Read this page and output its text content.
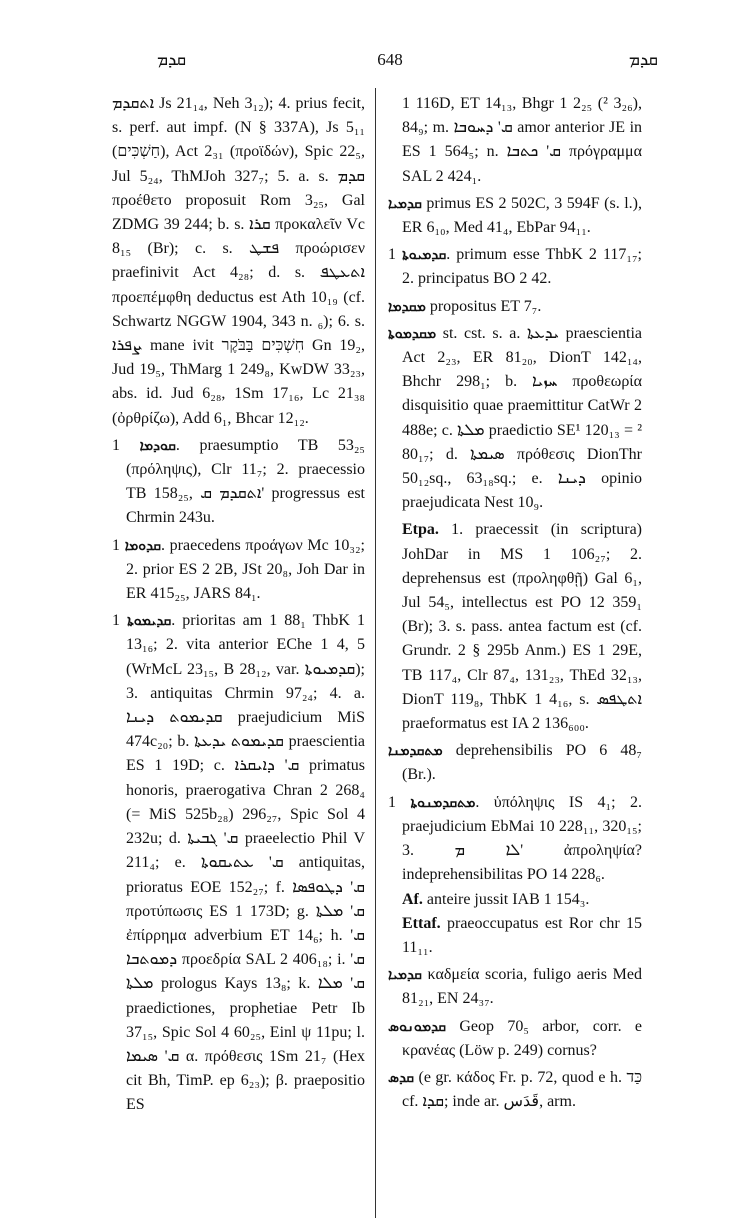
ܩܕܡ	648	ܩܕܡ

ܐܬܩܕܡ Js 21₁₄, Neh 3₁₂); 4. prius fecit, s. perf. aut impf. (N § 337A), Js 5₁₁ (חַשְׁכִּים), Act 2₃₁ (προϊδών), Spic 22₅, Jul 5₂₄, ThMJoh 327₇; 5. a. s. ܩܕܡ προέθετο proposuit Rom 3₂₅, Gal ZDMG 39 244; b. s. ܩܪܐ προκαλεῖν Vc 8₁₅ (Br); c. s. ܦܫܛ προώρισεν praefinivit Act 4₂₈; d. s. ܐܬܥܛܦ προεπέμφθη deductus est Ath 10₁₉ (cf. Schwartz NGGW 1904, 343 n. ₆); 6. s. ܨܦܪܐ mane ivit חִשְׁכִּים בַּבֹּקֶר Gn 19₂, Jud 19₅, ThMarg 1 249₈, KwDW 33₂₃, abs. id. Jud 6₂₈, 1Sm 17₁₆, Lc 21₃₈ (ὀρθρίζω), Add 6₁, Bhcar 12₁₂.

ܩܘܕܡܐ 1. praesumptio TB 53₂₅ (πρόληψις), Clr 11₇; 2. praecessio TB 158₂₅, ܐܬܩܕܡ ܩ' progressus est Chrmin 243u.

ܩܕܘܡܐ 1. praecedens προάγων Mc 10₃₂; 2. prior ES 2 2B, JSt 20₈, Joh Dar in ER 415₂₅, JARS 84₁.

ܩܕܝܡܘܬܐ 1. prioritas am 1 88₁ ThbK 1 13₁₆; 2. vita anterior EChe 1 4, 5 (WrMcL 23₁₅, B 28₁₂, var. ܩܕܡܝܘܬܐ); 3. antiquitas Chrmin 97₂₄; 4. a. ܩܕܝܡܘܬ ܕܝܢܐ praejudicium MiS 474c₂₀; b. ܩܕܝܡܘܬ ܝܕܥܬܐ praescientia ES 1 19D; c. ܩ' ܕܐܝܩܪܐ primatus honoris, praerogativa Chran 2 268₄ (= MiS 525b₂₈) 296₂₇, Spic Sol 4 232u; d. ܩ' ܓܒܝܬܐ praeelectio Phil V 211₄; e. ܩ' ܥܬܝܩܘܬܐ antiquitas, prioratus EOE 152₂₇; f. ܩ' ܕܛܘܦܣܐ προτύπωσις ES 1 173D; g. ܩ' ܡܠܬܐ ἐπίρρημα adverbium ET 14₆; h. ܩ' ܕܡܘܬܒܐ προεδρία SAL 2 406₁₈; i. ܩ' ܡܠܬܐ prologus Kays 13₈; k. ܩ' ܡܠܐ praedictiones, prophetiae Petr Ib 37₁₅, Spic Sol 4 60₂₅, Einl ψ 11pu; l. ܩ' ܣܝܡܐ α. πρόθεσις 1Sm 21₇ (Hex cit Bh, TimP. ep 6₂₃); β. praepositio ES

1 116D, ET 14₁₃, Bhgr 1 2₂₅ (² 3₂₆), 84₉; m. ܩ' ܕܚܘܒܐ amor anterior JE in ES 1 564₅; n. ܩ' ܟܬܒܐ πρόγραμμα SAL 2 424₁.

ܩܕܡܝܐ primus ES 2 502C, 3 594F (s. l.), ER 6₁₀, Med 41₄, EbPar 94₁₁.

ܩܕܡܝܘܬܐ 1. primum esse ThbK 2 117₁₇; 2. principatus BO 2 42.

ܡܩܕܡܐ propositus ET 7₇.

ܡܩܕܡܘܬܐ st. cst. s. a. ܝܕܥܬܐ praescientia Act 2₂₃, ER 81₂₀, DionT 142₁₄, Bhchr 298₁; b. ܚܙܝܐ προθεωρία disquisitio quae praemittitur CatWr 2 488e; c. ܡܠܬܐ praedictio SE¹ 120₁₃ = ² 80₁₇; d. ܣܝܡܬܐ πρόθεσις DionThr 50₁₂sq., 63₁₈sq.; e. ܕܝܢܐ opinio praejudicata Nest 10₉.

Etpa. 1. praecessit (in scriptura) JohDar in MS 1 106₂₇; 2. deprehensus est (προληφθῇ) Gal 6₁, Jul 54₅, intellectus est PO 12 359₁ (Br); 3. s. pass. antea factum est (cf. Grundr. 2 § 295b Anm.) ES 1 29E, TB 117₄, Clr 87₄, 131₂₃, ThEd 32₁₃, DionT 119₈, ThbK 1 4₁₆, s. ܐܬܛܦܣ praeformatus est IA 2 136₆₀₀.

ܡܬܩܕܡܢܐ deprehensibilis PO 6 48₇ (Br.).

ܡܬܩܕܡܢܘܬܐ 1. ὑπόληψις IS 4₁; 2. praejudicium EbMai 10 228₁₁, 320₁₅; 3. ܠܐ ܡ' ἀπροληψία? indeprehensibilitas PO 14 228₆.

Af. anteire jussit IAB 1 154₃.

Ettaf. praeoccupatus est Ror chr 15 11₁₁.

ܩܕܡܝܐ καδμεία scoria, fuligo aeris Med 81₂₁, EN 24₃₇.

ܩܕܡܘܢܘܣ Geop 70₅ arbor, corr. e κρανέας (Löw p. 249) cornus?

ܩܕܣ (e gr. κάδος Fr. p. 72, quod e h. כַּד cf. ܩܕܐ; inde ar. قَدَس, arm.
